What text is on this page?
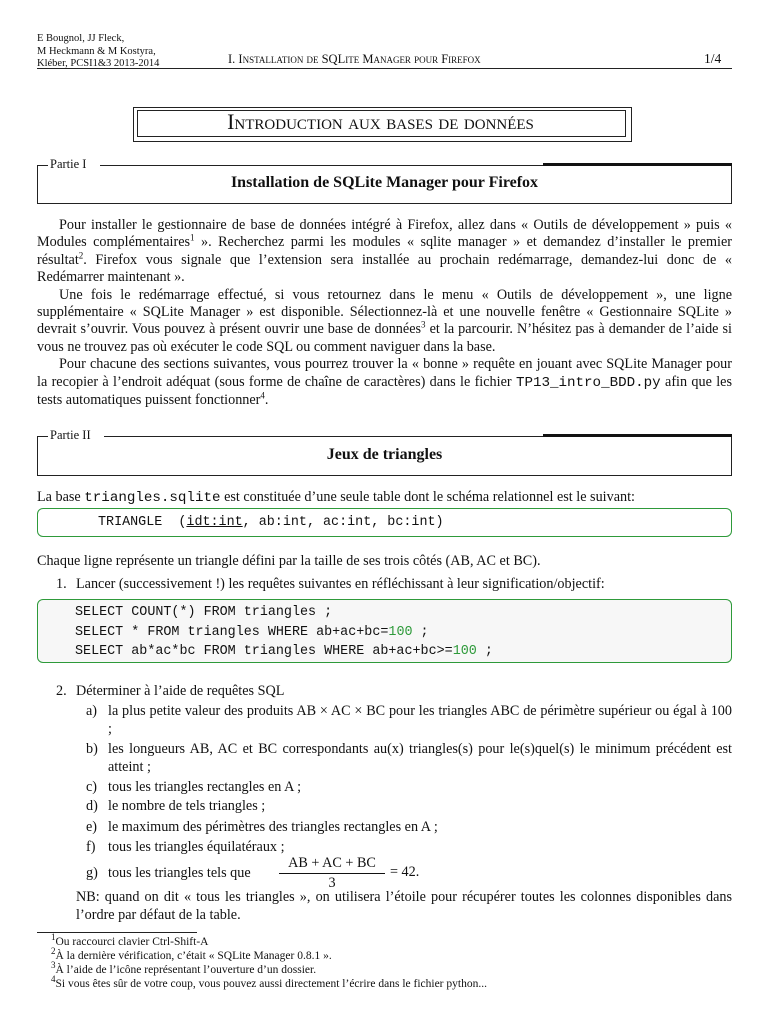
E Bougnol, JJ Fleck,
M Heckmann & M Kostyra,
Kléber, PCSI1&3 2013-2014	I. Installation de SQLite Manager pour Firefox	1/4
Introduction aux bases de données
Partie I
Installation de SQLite Manager pour Firefox

Pour installer le gestionnaire de base de données intégré à Firefox, allez dans « Outils de développement » puis « Modules complémentaires$^1$ ». Recherchez parmi les modules « sqlite manager » et demandez d’installer le premier résultat$^2$. Firefox vous signale que l’extension sera installée au prochain redémarrage, demandez-lui donc de « Redémarrer maintenant ».

Une fois le redémarrage effectué, si vous retournez dans le menu « Outils de développement », une ligne supplémentaire « SQLite Manager » est disponible. Sélectionnez-là et une nouvelle fenêtre « Gestionnaire SQLite » devrait s’ouvrir. Vous pouvez à présent ouvrir une base de données$^3$ et la parcourir. N’hésitez pas à demander de l’aide si vous ne trouvez pas où exécuter le code SQL ou comment naviguer dans la base.

Pour chacune des sections suivantes, vous pourrez trouver la « bonne » requête en jouant avec SQLite Manager pour la recopier à l’endroit adéquat (sous forme de chaîne de caractères) dans le fichier TP13_intro_BDD.py afin que les tests automatiques puissent fonctionner$^4$.

Partie II
Jeux de triangles
La base triangles.sqlite est constituée d’une seule table dont le schéma relationnel est le suivant:
TRIANGLE  (idt:int, ab:int, ac:int, bc:int)
Chaque ligne représente un triangle défini par la taille de ses trois côtés (AB, AC et BC).
1. Lancer (successivement !) les requêtes suivantes en réfléchissant à leur signification/objectif:
SELECT COUNT(*) FROM triangles ;
SELECT * FROM triangles WHERE ab+ac+bc=100 ;
SELECT ab*ac*bc FROM triangles WHERE ab+ac+bc>=100 ;
2. Déterminer à l’aide de requêtes SQL
a) la plus petite valeur des produits AB × AC × BC pour les triangles ABC de périmètre supérieur ou égal à 100 ;
b) les longueurs AB, AC et BC correspondants au(x) triangles(s) pour le(s)quel(s) le minimum précédent est atteint ;
c) tous les triangles rectangles en A ;
d) le nombre de tels triangles ;
e) le maximum des périmètres des triangles rectangles en A ;
f) tous les triangles équilatéraux ;
g) tous les triangles tels que
AB + AC + BC
3
= 42.
NB: quand on dit « tous les triangles », on utilisera l’étoile pour récupérer toutes les colonnes disponibles dans l’ordre par défaut de la table.
$^1$Ou raccourci clavier Ctrl-Shift-A
$^2$À la dernière vérification, c’était « SQLite Manager 0.8.1 ».
$^3$À l’aide de l’icône représentant l’ouverture d’un dossier.
$^4$Si vous êtes sûr de votre coup, vous pouvez aussi directement l’écrire dans le fichier python...
